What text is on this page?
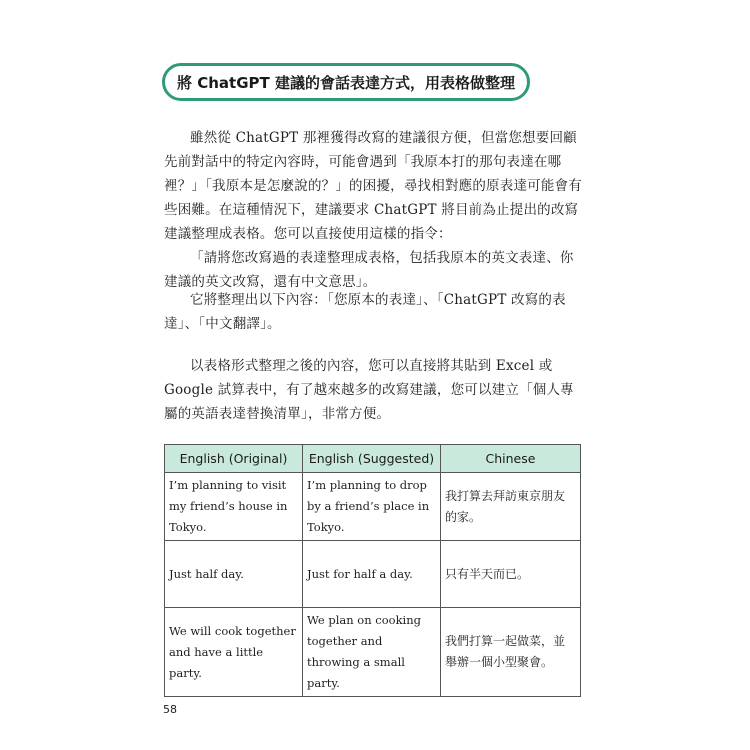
將 ChatGPT 建議的會話表達方式，用表格做整理

雖然從 ChatGPT 那裡獲得改寫的建議很方便，但當您想要回顧先前對話中的特定內容時，可能會遇到「我原本打的那句表達在哪裡？」「我原本是怎麼說的？」的困擾，尋找相對應的原表達可能會有些困難。在這種情況下，建議要求 ChatGPT 將目前為止提出的改寫建議整理成表格。您可以直接使用這樣的指令：

「請將您改寫過的表達整理成表格，包括我原本的英文表達、你建議的英文改寫，還有中文意思」。

它將整理出以下內容：「您原本的表達」、「ChatGPT 改寫的表達」、「中文翻譯」。

以表格形式整理之後的內容，您可以直接將其貼到 Excel 或 Google 試算表中，有了越來越多的改寫建議，您可以建立「個人專屬的英語表達替換清單」，非常方便。

English (Original)	English (Suggested)	Chinese
I’m planning to visit my friend’s house in Tokyo.	I’m planning to drop by a friend’s place in Tokyo.	我打算去拜訪東京朋友的家。
Just half day.	Just for half a day.	只有半天而已。
We will cook together and have a little party.	We plan on cooking together and throwing a small party.	我們打算一起做菜，並舉辦一個小型聚會。
58
